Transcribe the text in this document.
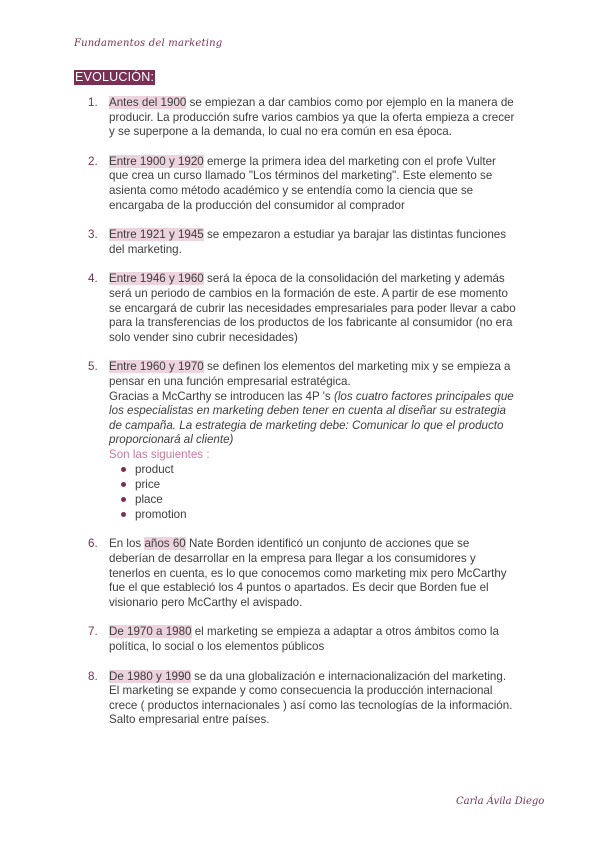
Fundamentos del marketing
EVOLUCIÓN:
1. Antes del 1900 se empiezan a dar cambios como por ejemplo en la manera de producir. La producción sufre varios cambios ya que la oferta empieza a crecer y se superpone a la demanda, lo cual no era común en esa época.
2. Entre 1900 y 1920 emerge la primera idea del marketing con el profe Vulter que crea un curso llamado "Los términos del marketing". Este elemento se asienta como método académico y se entendía como la ciencia que se encargaba de la producción del consumidor al comprador
3. Entre 1921 y 1945 se empezaron a estudiar ya barajar las distintas funciones del marketing.
4. Entre 1946 y 1960 será la época de la consolidación del marketing y además será un periodo de cambios en la formación de este. A partir de ese momento se encargará de cubrir las necesidades empresariales para poder llevar a cabo para la transferencias de los productos de los fabricante al consumidor (no era solo vender sino cubrir necesidades)
5. Entre 1960 y 1970 se definen los elementos del marketing mix y se empieza a pensar en una función empresarial estratégica.
Gracias a McCarthy se introducen las 4P 's (los cuatro factores principales que los especialistas en marketing deben tener en cuenta al diseñar su estrategia de campaña. La estrategia de marketing debe: Comunicar lo que el producto proporcionará al cliente)
Son las siguientes :
product
price
place
promotion
6. En los años 60 Nate Borden identificó un conjunto de acciones que se deberían de desarrollar en la empresa para llegar a los consumidores y tenerlos en cuenta, es lo que conocemos como marketing mix pero McCarthy fue el que estableció los 4 puntos o apartados. Es decir que Borden fue el visionario pero McCarthy el avispado.
7. De 1970 a 1980 el marketing se empieza a adaptar a otros ámbitos como la política, lo social o los elementos públicos
8. De 1980 y 1990 se da una globalización e internacionalización del marketing. El marketing se expande y como consecuencia la producción internacional crece ( productos internacionales ) así como las tecnologías de la información. Salto empresarial entre países.
Carla Ávila Diego
